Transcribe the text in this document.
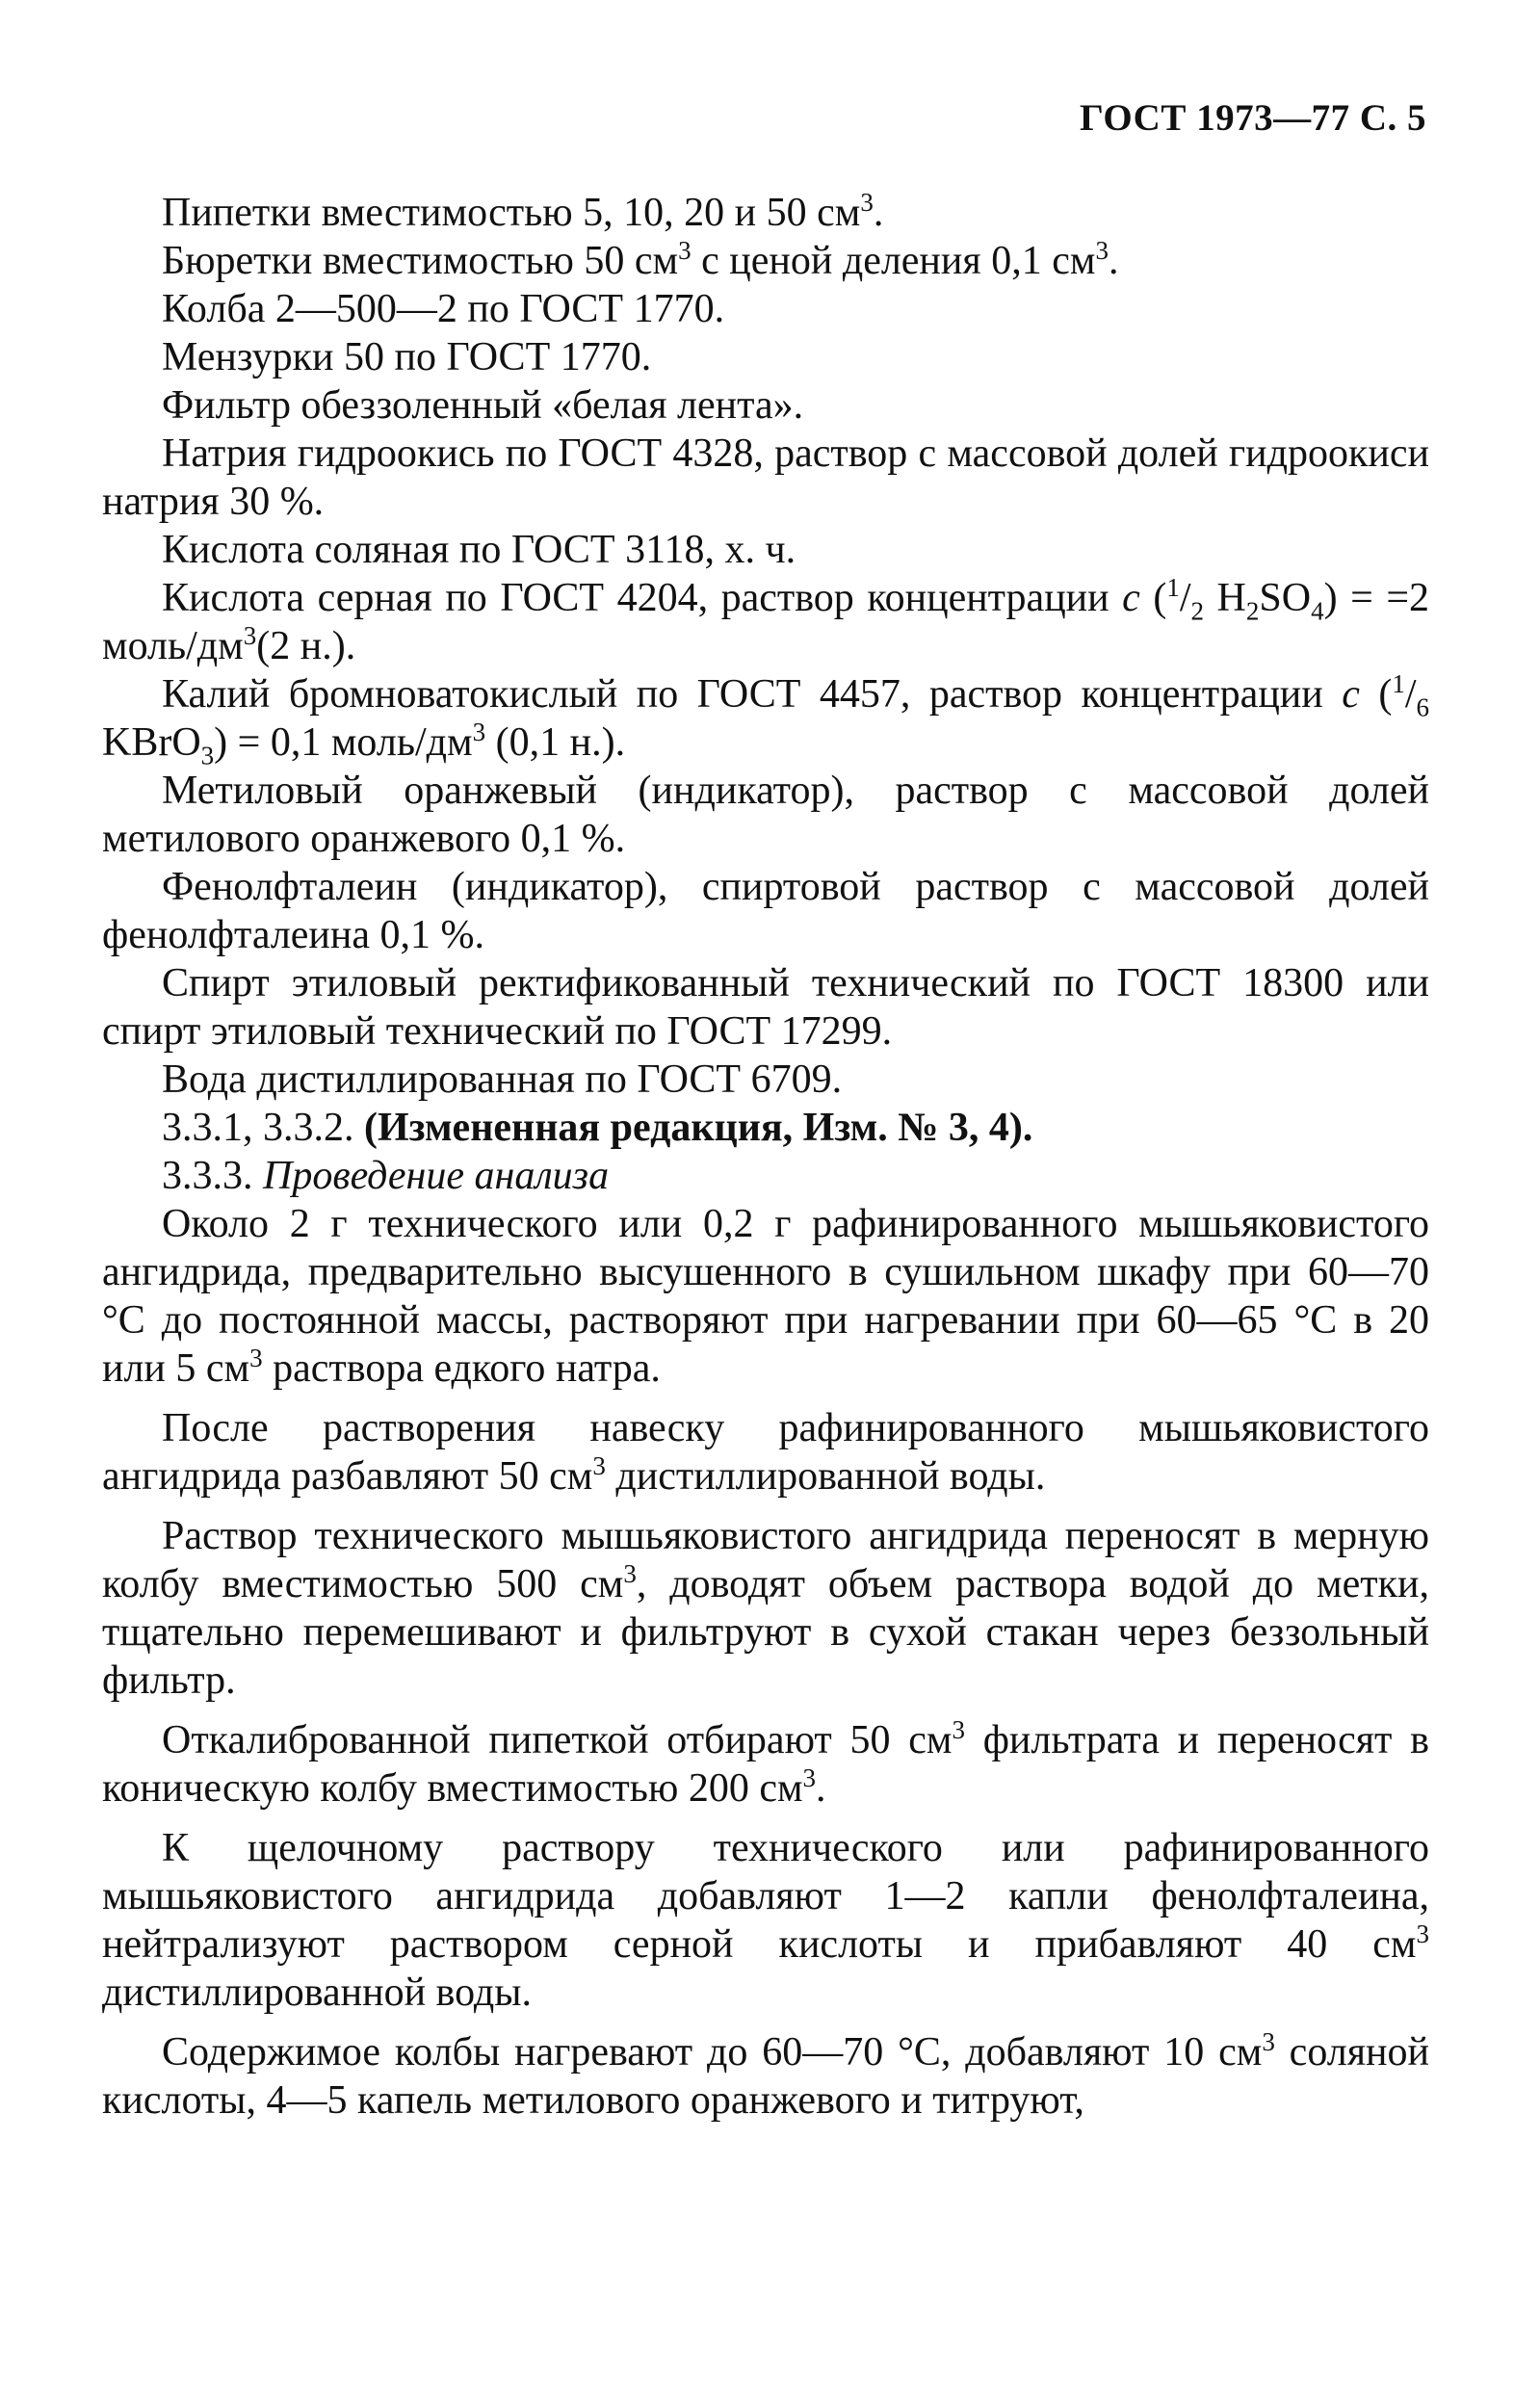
ГОСТ 1973—77 С. 5

Пипетки вместимостью 5, 10, 20 и 50 $см^3$.

Бюретки вместимостью 50 $см^3$ с ценой деления 0,1 $см^3$.

Колба 2—500—2 по ГОСТ 1770.

Мензурки 50 по ГОСТ 1770.

Фильтр обеззоленный «белая лента».

Натрия гидроокись по ГОСТ 4328, раствор с массовой долей гидроокиси натрия 30 %.

Кислота соляная по ГОСТ 3118, х. ч.

Кислота серная по ГОСТ 4204, раствор концентрации c ($^1/_2$ $H_2SO_4) = =2$ моль/$дм^3(2$ н.).

Калий бромноватокислый по ГОСТ 4457, раствор концентрации c ($^1/_6$ KBrO$_3$) = 0,1 моль/$дм^3$ (0,1 н.).

Метиловый оранжевый (индикатор), раствор с массовой долей метилового оранжевого 0,1 %.

Фенолфталеин (индикатор), спиртовой раствор с массовой долей фенолфталеина 0,1 %.

Спирт этиловый ректификованный технический по ГОСТ 18300 или спирт этиловый технический по ГОСТ 17299.

Вода дистиллированная по ГОСТ 6709.

3.3.1, 3.3.2. (Измененная редакция, Изм. № 3, 4).

3.3.3. Проведение анализа

Около 2 г технического или 0,2 г рафинированного мышьяковистого ангидрида, предварительно высушенного в сушильном шкафу при 60—70 °С до постоянной массы, растворяют при нагревании при 60—65 °С в 20 или 5 $см^3$ раствора едкого натра.

После растворения навеску рафинированного мышьяковистого ангидрида разбавляют 50 $см^3$ дистиллированной воды.

Раствор технического мышьяковистого ангидрида переносят в мерную колбу вместимостью 500 $см^3$, доводят объем раствора водой до метки, тщательно перемешивают и фильтруют в сухой стакан через беззольный фильтр.

Откалиброванной пипеткой отбирают 50 $см^3$ фильтрата и переносят в коническую колбу вместимостью 200 $см^3$.

К щелочному раствору технического или рафинированного мышьяковистого ангидрида добавляют 1—2 капли фенолфталеина, нейтрализуют раствором серной кислоты и прибавляют 40 $см^3$ дистиллированной воды.

Содержимое колбы нагревают до 60—70 °С, добавляют 10 $см^3$ соляной кислоты, 4—5 капель метилового оранжевого и титруют,
